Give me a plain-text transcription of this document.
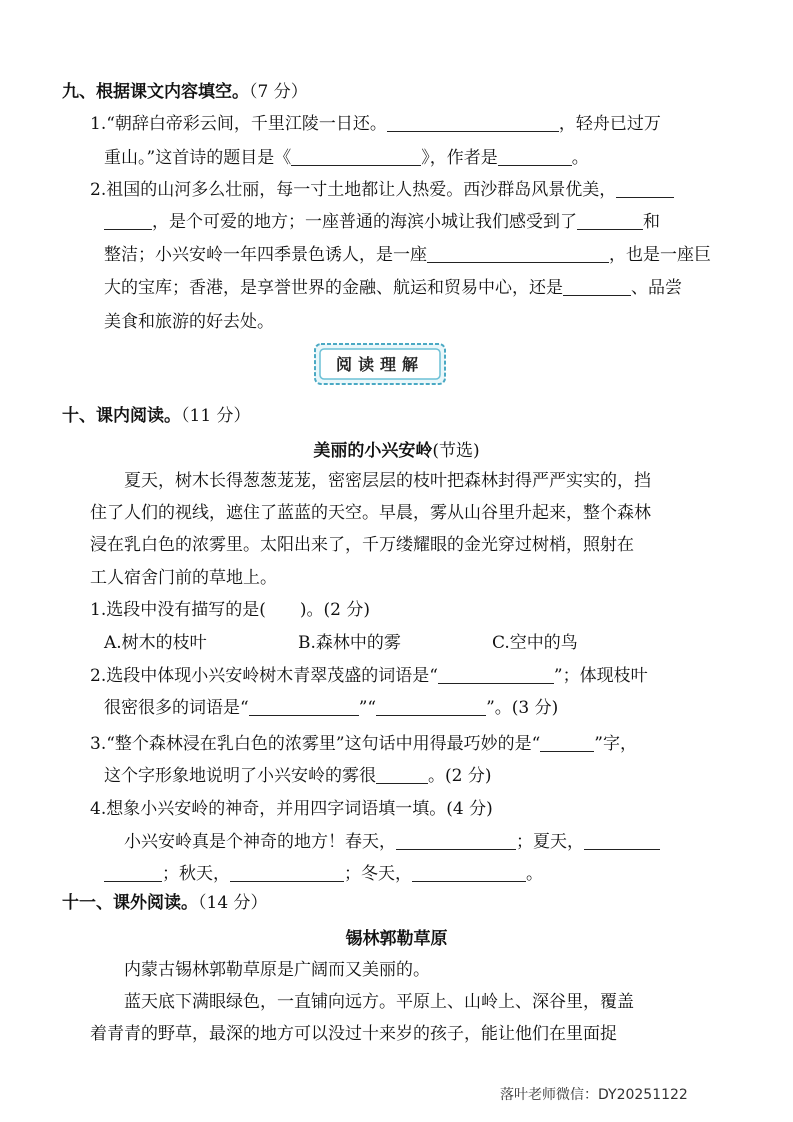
九、根据课文内容填空。（7 分）
1.“朝辞白帝彩云间，千里江陵一日还。	，轻舟已过万
重山。”这首诗的题目是《	》，作者是	。
2.祖国的山河多么壮丽，每一寸土地都让人热爱。西沙群岛风景优美，
，是个可爱的地方；一座普通的海滨小城让我们感受到了	和
整洁；小兴安岭一年四季景色诱人，是一座	，也是一座巨
大的宝库；香港，是享誉世界的金融、航运和贸易中心，还是	、品尝
美食和旅游的好去处。
阅读理解
十、课内阅读。（11 分）
美丽的小兴安岭(节选)
夏天，树木长得葱葱茏茏，密密层层的枝叶把森林封得严严实实的，挡
住了人们的视线，遮住了蓝蓝的天空。早晨，雾从山谷里升起来，整个森林
浸在乳白色的浓雾里。太阳出来了，千万缕耀眼的金光穿过树梢，照射在
工人宿舍门前的草地上。
1.选段中没有描写的是( )。(2 分)
A.树木的枝叶	B.森林中的雾	C.空中的鸟
2.选段中体现小兴安岭树木青翠茂盛的词语是“	”；体现枝叶
很密很多的词语是“	”“	”。(3 分)
3.“整个森林浸在乳白色的浓雾里”这句话中用得最巧妙的是“	”字，
这个字形象地说明了小兴安岭的雾很	。(2 分)
4.想象小兴安岭的神奇，并用四字词语填一填。(4 分)
小兴安岭真是个神奇的地方！春天，	；夏天，
；秋天，	；冬天，	。
十一、课外阅读。（14 分）
锡林郭勒草原
内蒙古锡林郭勒草原是广阔而又美丽的。
蓝天底下满眼绿色，一直铺向远方。平原上、山岭上、深谷里，覆盖
着青青的野草，最深的地方可以没过十来岁的孩子，能让他们在里面捉
落叶老师微信：DY20251122
